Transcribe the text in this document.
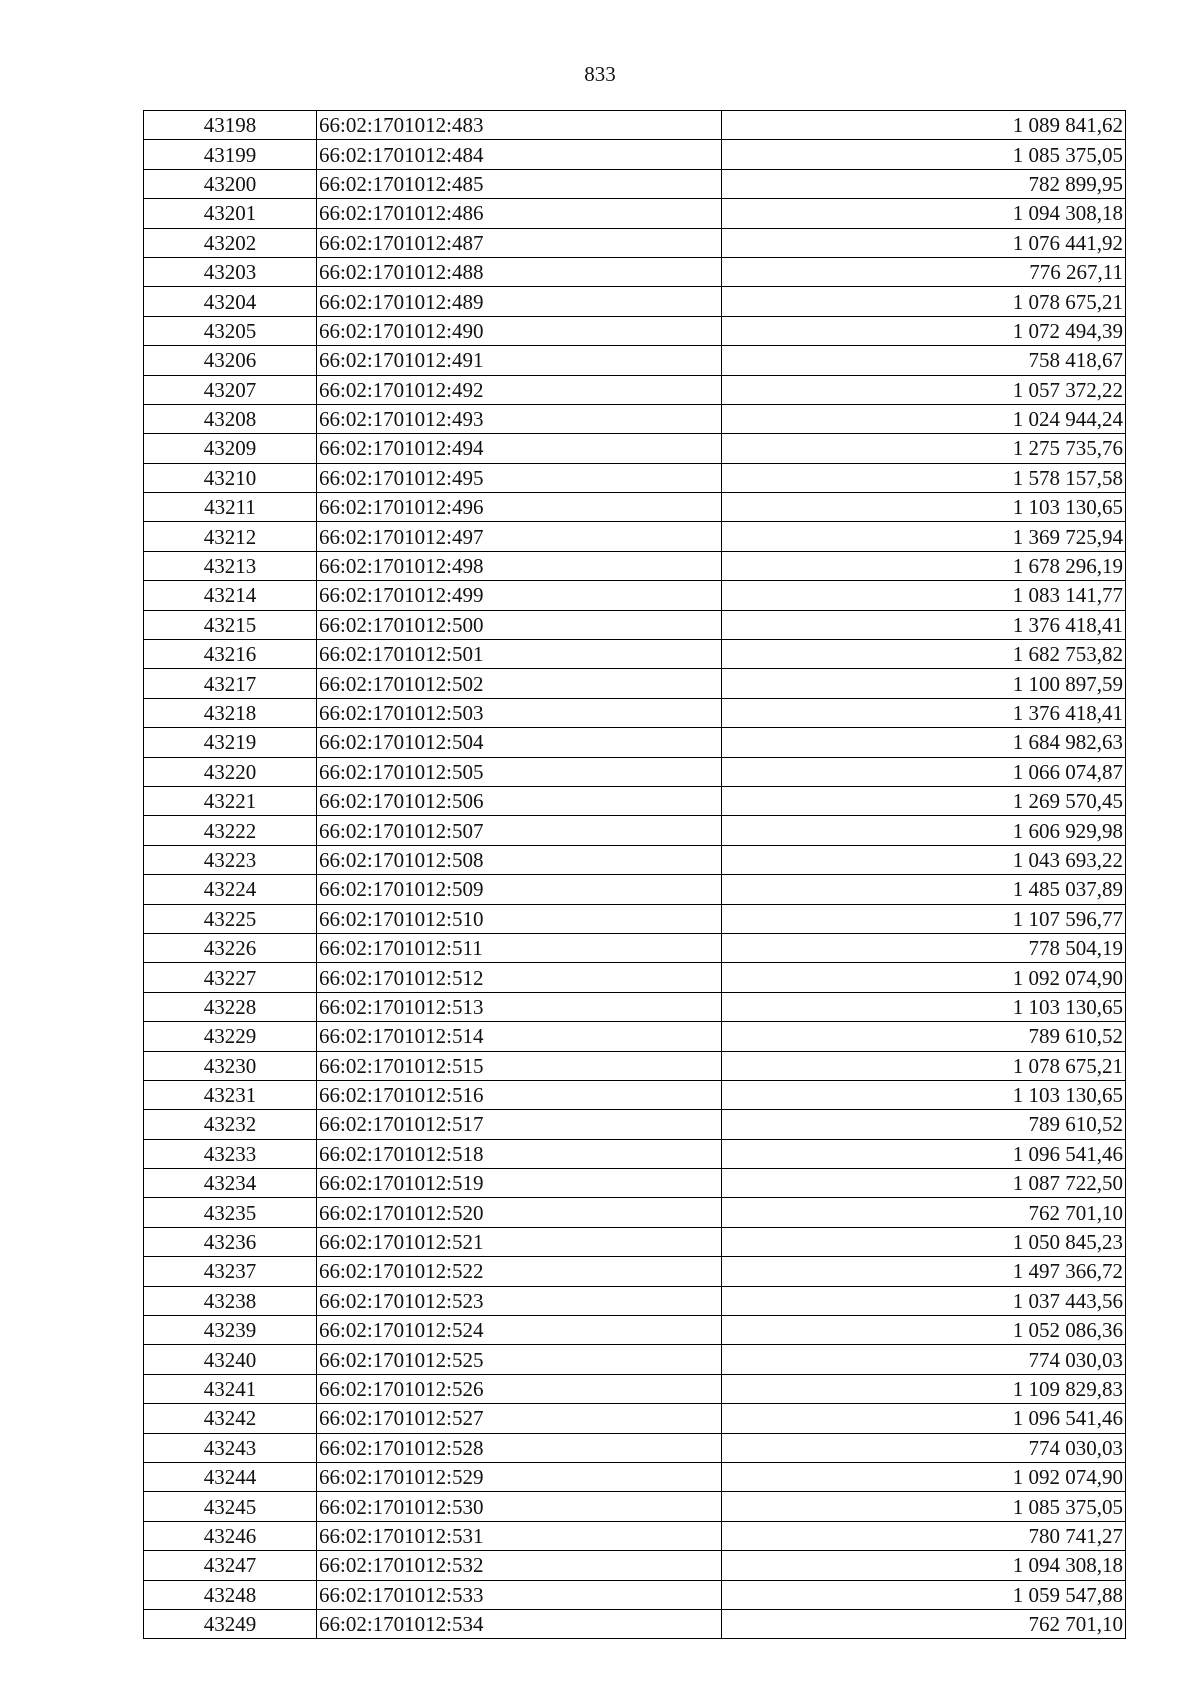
833
43198	66:02:1701012:483	1 089 841,62
43199	66:02:1701012:484	1 085 375,05
43200	66:02:1701012:485	782 899,95
43201	66:02:1701012:486	1 094 308,18
43202	66:02:1701012:487	1 076 441,92
43203	66:02:1701012:488	776 267,11
43204	66:02:1701012:489	1 078 675,21
43205	66:02:1701012:490	1 072 494,39
43206	66:02:1701012:491	758 418,67
43207	66:02:1701012:492	1 057 372,22
43208	66:02:1701012:493	1 024 944,24
43209	66:02:1701012:494	1 275 735,76
43210	66:02:1701012:495	1 578 157,58
43211	66:02:1701012:496	1 103 130,65
43212	66:02:1701012:497	1 369 725,94
43213	66:02:1701012:498	1 678 296,19
43214	66:02:1701012:499	1 083 141,77
43215	66:02:1701012:500	1 376 418,41
43216	66:02:1701012:501	1 682 753,82
43217	66:02:1701012:502	1 100 897,59
43218	66:02:1701012:503	1 376 418,41
43219	66:02:1701012:504	1 684 982,63
43220	66:02:1701012:505	1 066 074,87
43221	66:02:1701012:506	1 269 570,45
43222	66:02:1701012:507	1 606 929,98
43223	66:02:1701012:508	1 043 693,22
43224	66:02:1701012:509	1 485 037,89
43225	66:02:1701012:510	1 107 596,77
43226	66:02:1701012:511	778 504,19
43227	66:02:1701012:512	1 092 074,90
43228	66:02:1701012:513	1 103 130,65
43229	66:02:1701012:514	789 610,52
43230	66:02:1701012:515	1 078 675,21
43231	66:02:1701012:516	1 103 130,65
43232	66:02:1701012:517	789 610,52
43233	66:02:1701012:518	1 096 541,46
43234	66:02:1701012:519	1 087 722,50
43235	66:02:1701012:520	762 701,10
43236	66:02:1701012:521	1 050 845,23
43237	66:02:1701012:522	1 497 366,72
43238	66:02:1701012:523	1 037 443,56
43239	66:02:1701012:524	1 052 086,36
43240	66:02:1701012:525	774 030,03
43241	66:02:1701012:526	1 109 829,83
43242	66:02:1701012:527	1 096 541,46
43243	66:02:1701012:528	774 030,03
43244	66:02:1701012:529	1 092 074,90
43245	66:02:1701012:530	1 085 375,05
43246	66:02:1701012:531	780 741,27
43247	66:02:1701012:532	1 094 308,18
43248	66:02:1701012:533	1 059 547,88
43249	66:02:1701012:534	762 701,10
